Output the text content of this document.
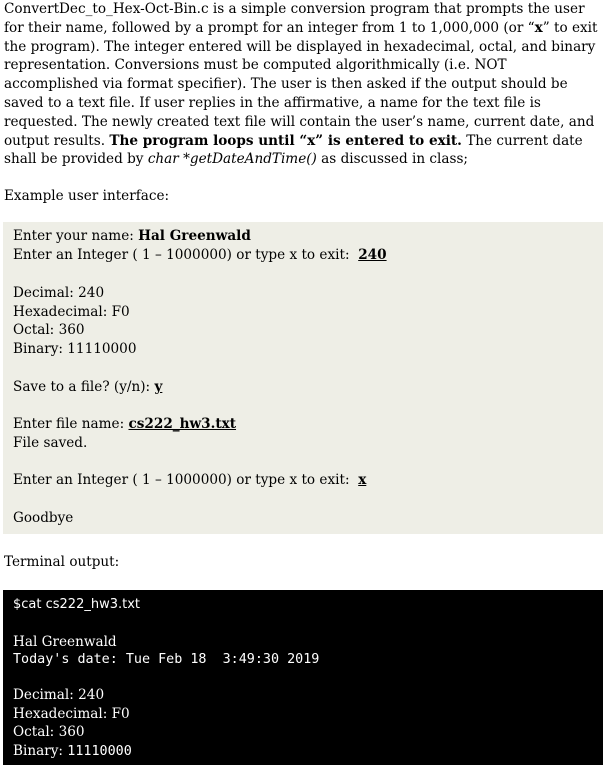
ConvertDec_to_Hex-Oct-Bin.c is a simple conversion program that prompts the user for their name, followed by a prompt for an integer from 1 to 1,000,000 (or “x” to exit the program). The integer entered will be displayed in hexadecimal, octal, and binary representation. Conversions must be computed algorithmically (i.e. NOT accomplished via format specifier). The user is then asked if the output should be saved to a text file. If user replies in the affirmative, a name for the text file is requested. The newly created text file will contain the user’s name, current date, and output results. The program loops until “x” is entered to exit. The current date shall be provided by char *getDateAndTime() as discussed in class;

Example user interface:
Enter your name: Hal Greenwald
Enter an Integer ( 1 – 1000000) or type x to exit:  240
Decimal: 240
Hexadecimal: F0
Octal: 360
Binary: 11110000
Save to a file? (y/n): y
Enter file name: cs222_hw3.txt
File saved.
Enter an Integer ( 1 – 1000000) or type x to exit:  x
Goodbye
Terminal output:
$cat cs222_hw3.txt
Hal Greenwald
Today's date: Tue Feb 18  3:49:30 2019
Decimal: 240
Hexadecimal: F0
Octal: 360
Binary: 11110000
